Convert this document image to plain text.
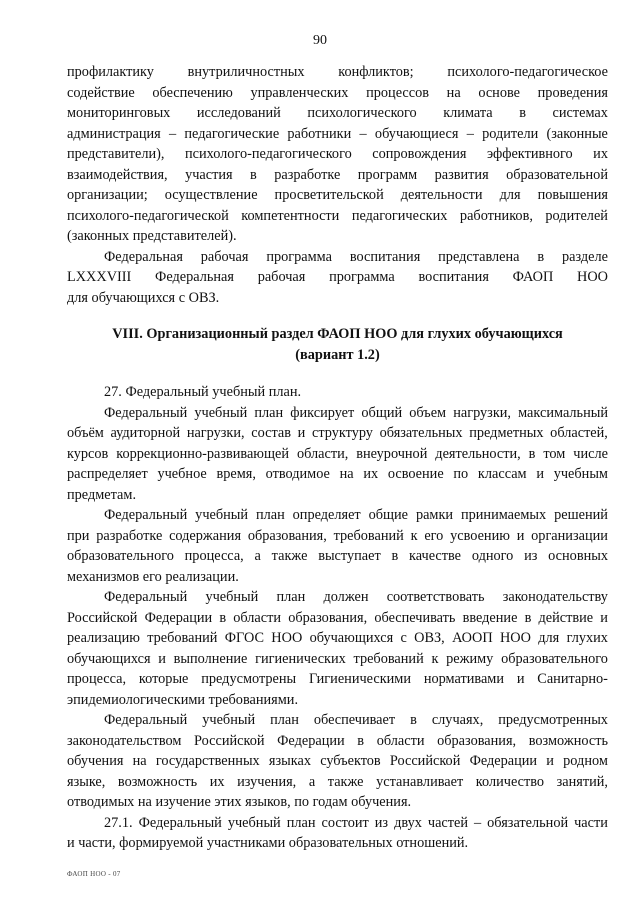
90
профилактику внутриличностных конфликтов; психолого-педагогическое
содействие обеспечению управленческих процессов на основе проведения
мониторинговых исследований психологического климата в системах
администрация – педагогические работники – обучающиеся – родители (законные
представители), психолого-педагогического сопровождения эффективного их
взаимодействия, участия в разработке программ развития образовательной
организации; осуществление просветительской деятельности для повышения
психолого-педагогической компетентности педагогических работников, родителей
(законных представителей).
Федеральная рабочая программа воспитания представлена в разделе
LXXXVIII Федеральная рабочая программа воспитания ФАОП НОО
для обучающихся с ОВЗ.
VIII. Организационный раздел ФАОП НОО для глухих обучающихся
(вариант 1.2)
27. Федеральный учебный план.
Федеральный учебный план фиксирует общий объем нагрузки, максимальный
объём аудиторной нагрузки, состав и структуру обязательных предметных областей,
курсов коррекционно-развивающей области, внеурочной деятельности, в том числе
распределяет учебное время, отводимое на их освоение по классам и учебным
предметам.
Федеральный учебный план определяет общие рамки принимаемых решений
при разработке содержания образования, требований к его усвоению и организации
образовательного процесса, а также выступает в качестве одного из основных
механизмов его реализации.
Федеральный учебный план должен соответствовать законодательству
Российской Федерации в области образования, обеспечивать введение в действие и
реализацию требований ФГОС НОО обучающихся с ОВЗ, АООП НОО для глухих
обучающихся и выполнение гигиенических требований к режиму образовательного
процесса, которые предусмотрены Гигиеническими нормативами и Санитарно-
эпидемиологическими требованиями.
Федеральный учебный план обеспечивает в случаях, предусмотренных
законодательством Российской Федерации в области образования, возможность
обучения на государственных языках субъектов Российской Федерации и родном
языке, возможность их изучения, а также устанавливает количество занятий,
отводимых на изучение этих языков, по годам обучения.
27.1. Федеральный учебный план состоит из двух частей – обязательной части
и части, формируемой участниками образовательных отношений.
ФАОП НОО - 07
